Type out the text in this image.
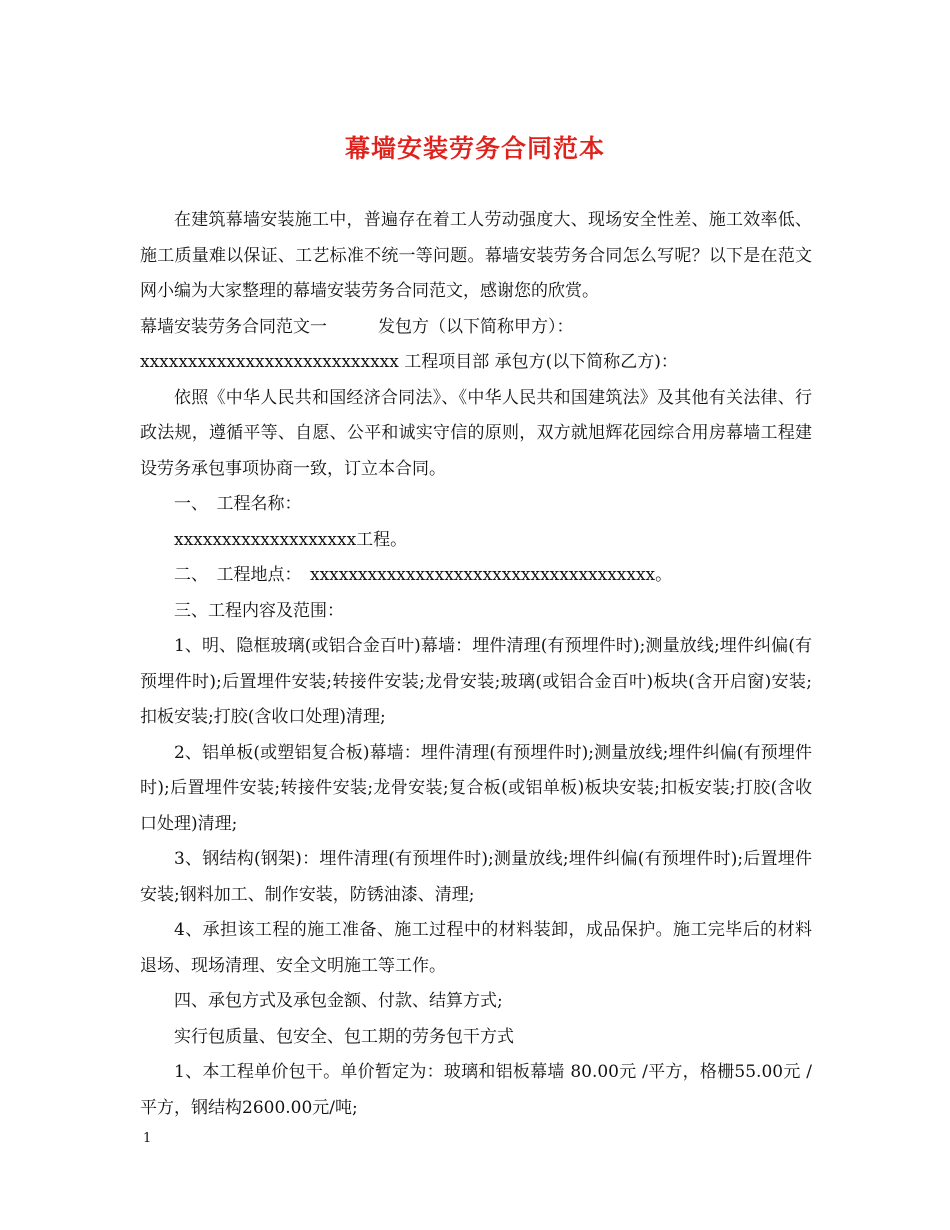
幕墙安装劳务合同范本

在建筑幕墙安装施工中，普遍存在着工人劳动强度大、现场安全性差、施工效率低、施工质量难以保证、工艺标准不统一等问题。幕墙安装劳务合同怎么写呢？以下是在范文网小编为大家整理的幕墙安装劳务合同范文，感谢您的欣赏。

幕墙安装劳务合同范文一　　　发包方（以下简称甲方）：

xxxxxxxxxxxxxxxxxxxxxxxxxxx 工程项目部 承包方(以下简称乙方)：

依照《中华人民共和国经济合同法》、《中华人民共和国建筑法》及其他有关法律、行政法规，遵循平等、自愿、公平和诚实守信的原则，双方就旭辉花园综合用房幕墙工程建设劳务承包事项协商一致，订立本合同。

一、　工程名称：

xxxxxxxxxxxxxxxxxxx工程。

二、　工程地点：　xxxxxxxxxxxxxxxxxxxxxxxxxxxxxxxxxxxx。

三、工程内容及范围：

1、明、隐框玻璃(或铝合金百叶)幕墙：埋件清理(有预埋件时);测量放线;埋件纠偏(有预埋件时);后置埋件安装;转接件安装;龙骨安装;玻璃(或铝合金百叶)板块(含开启窗)安装;扣板安装;打胶(含收口处理)清理;

2、铝单板(或塑铝复合板)幕墙：埋件清理(有预埋件时);测量放线;埋件纠偏(有预埋件时);后置埋件安装;转接件安装;龙骨安装;复合板(或铝单板)板块安装;扣板安装;打胶(含收口处理)清理;

3、钢结构(钢架)：埋件清理(有预埋件时);测量放线;埋件纠偏(有预埋件时);后置埋件安装;钢料加工、制作安装，防锈油漆、清理;

4、承担该工程的施工准备、施工过程中的材料装卸，成品保护。施工完毕后的材料退场、现场清理、安全文明施工等工作。

四、承包方式及承包金额、付款、结算方式;

实行包质量、包安全、包工期的劳务包干方式

1、本工程单价包干。单价暂定为：玻璃和铝板幕墙 80.00元 /平方，格栅55.00元 /平方，钢结构2600.00元/吨;

1
